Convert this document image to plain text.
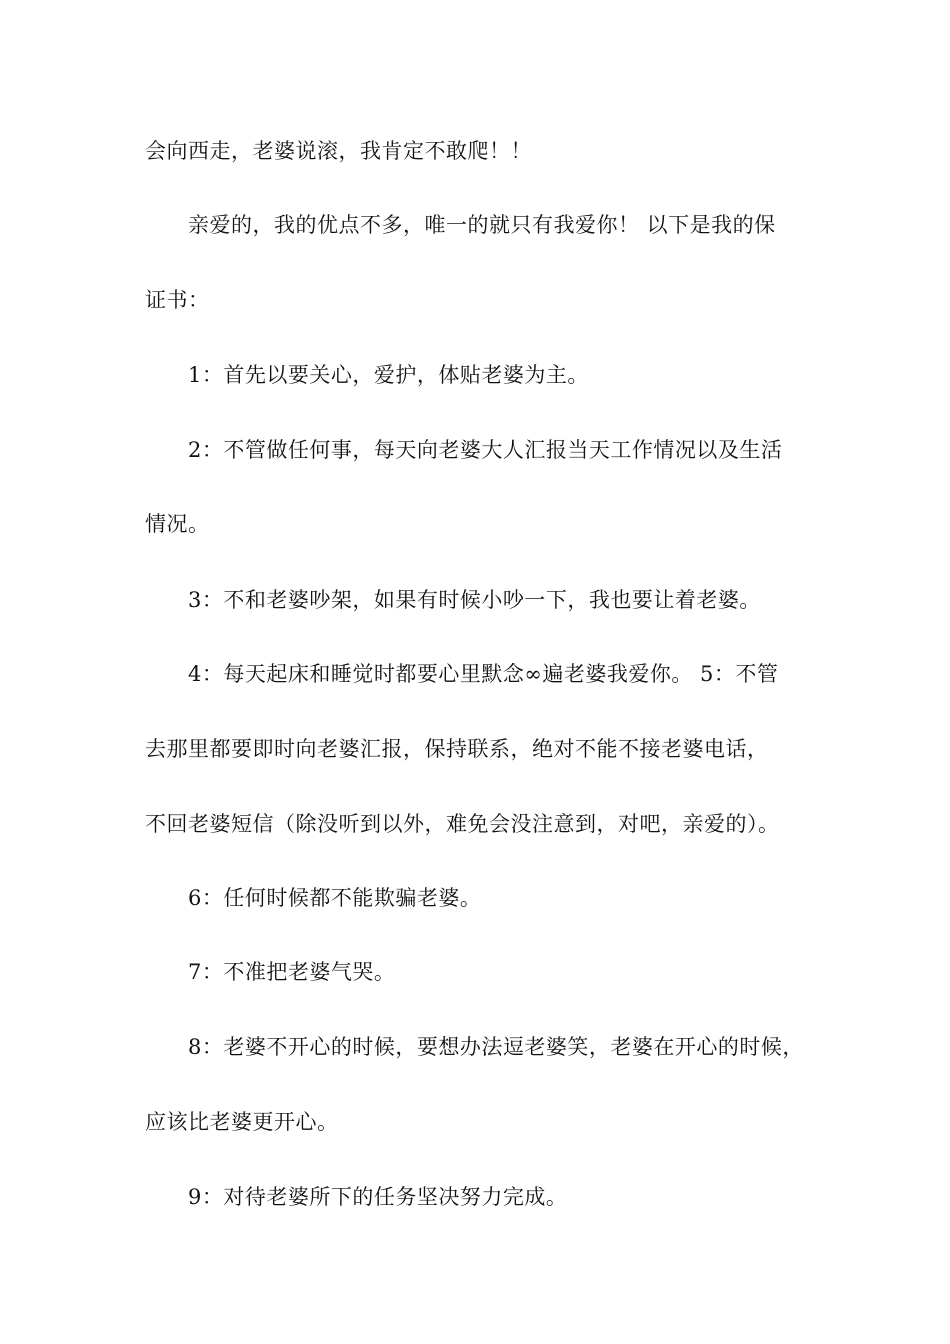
会向西走，老婆说滚，我肯定不敢爬！！
亲爱的，我的优点不多，唯一的就只有我爱你！ 以下是我的保
证书：
1：首先以要关心，爱护，体贴老婆为主。
2：不管做任何事，每天向老婆大人汇报当天工作情况以及生活
情况。
3：不和老婆吵架，如果有时候小吵一下，我也要让着老婆。
4：每天起床和睡觉时都要心里默念∞遍老婆我爱你。 5：不管
去那里都要即时向老婆汇报，保持联系，绝对不能不接老婆电话，
不回老婆短信（除没听到以外，难免会没注意到，对吧，亲爱的）。
6：任何时候都不能欺骗老婆。
7：不准把老婆气哭。
8：老婆不开心的时候，要想办法逗老婆笑，老婆在开心的时候，
应该比老婆更开心。
9：对待老婆所下的任务坚决努力完成。
